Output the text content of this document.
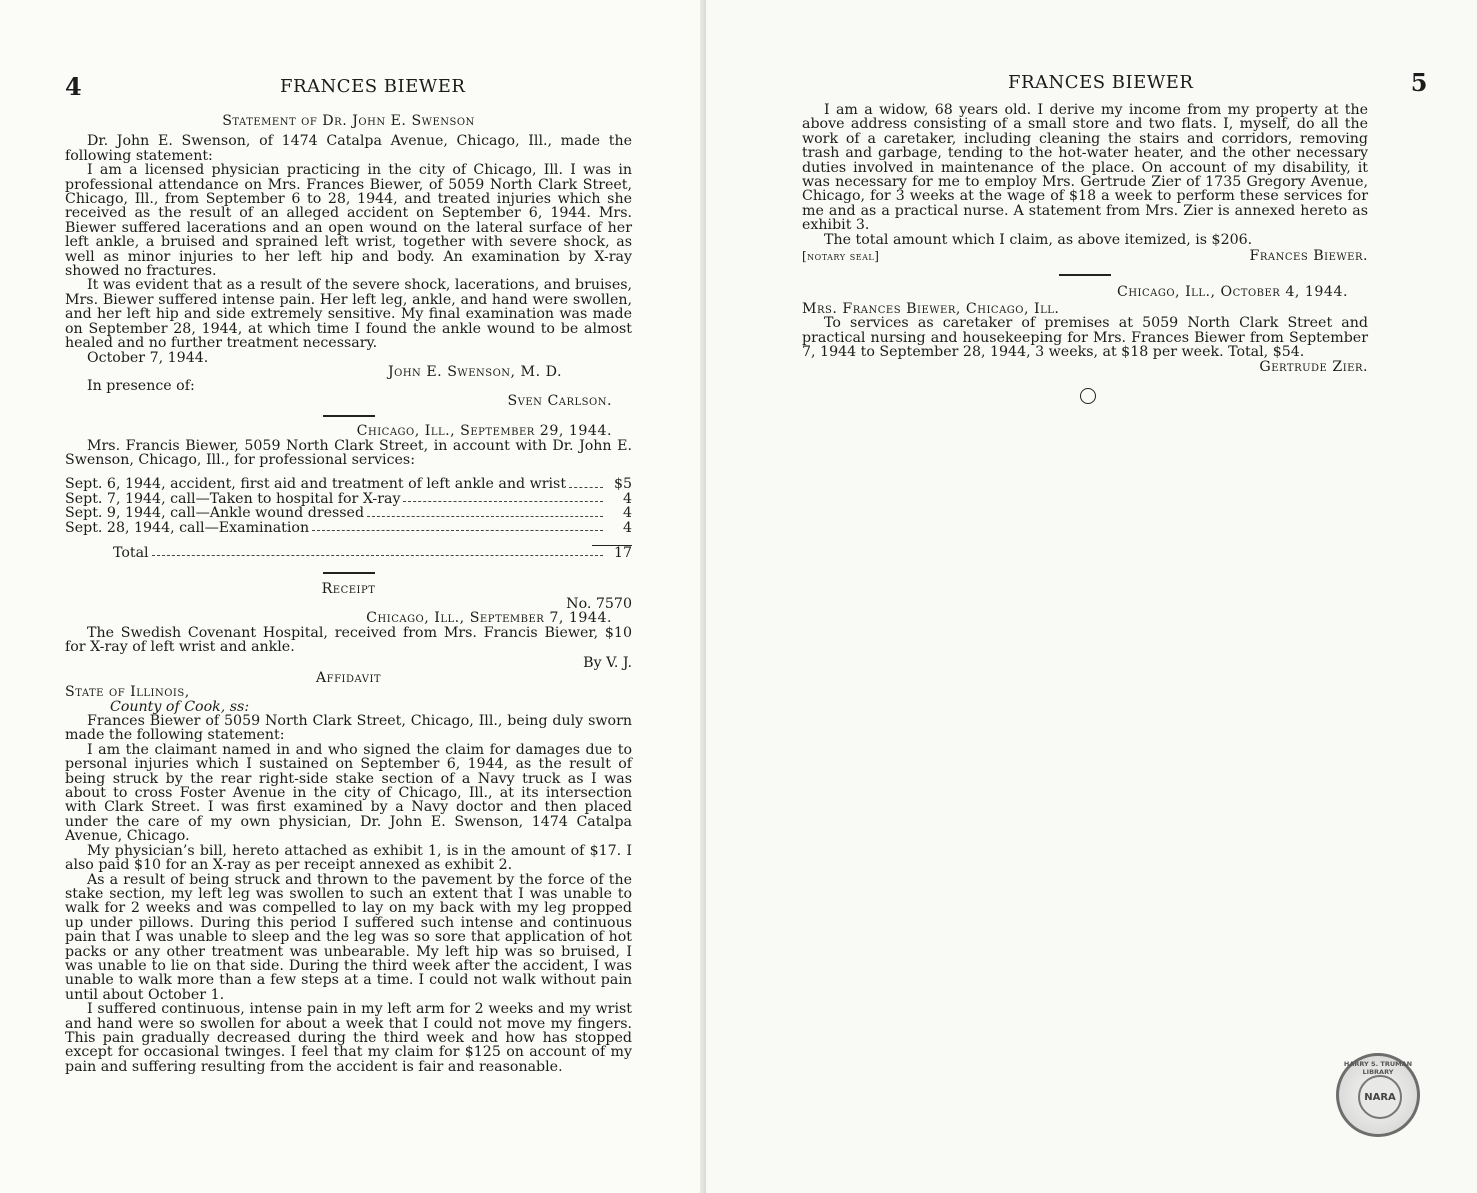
4	FRANCES BIEWER
Statement of Dr. John E. Swenson

Dr. John E. Swenson, of 1474 Catalpa Avenue, Chicago, Ill., made the following statement:

I am a licensed physician practicing in the city of Chicago, Ill. I was in professional attendance on Mrs. Frances Biewer, of 5059 North Clark Street, Chicago, Ill., from September 6 to 28, 1944, and treated injuries which she received as the result of an alleged accident on September 6, 1944. Mrs. Biewer suffered lacerations and an open wound on the lateral surface of her left ankle, a bruised and sprained left wrist, together with severe shock, as well as minor injuries to her left hip and body. An examination by X-ray showed no fractures.

It was evident that as a result of the severe shock, lacerations, and bruises, Mrs. Biewer suffered intense pain. Her left leg, ankle, and hand were swollen, and her left hip and side extremely sensitive. My final examination was made on September 28, 1944, at which time I found the ankle wound to be almost healed and no further treatment necessary.

October 7, 1944.

John E. Swenson, M. D.

In presence of:

Sven Carlson.
Chicago, Ill., September 29, 1944.

Mrs. Francis Biewer, 5059 North Clark Street, in account with Dr. John E. Swenson, Chicago, Ill., for professional services:

Sept. 6, 1944, accident, first aid and treatment of left ankle and wrist	$5
Sept. 7, 1944, call—Taken to hospital for X-ray	4
Sept. 9, 1944, call—Ankle wound dressed	4
Sept. 28, 1944, call—Examination	4
Total	17
Receipt
No. 7570
Chicago, Ill., September 7, 1944.

The Swedish Covenant Hospital, received from Mrs. Francis Biewer, $10 for X-ray of left wrist and ankle.

By V. J.
Affidavit
State of Illinois,
County of Cook, ss:

Frances Biewer of 5059 North Clark Street, Chicago, Ill., being duly sworn made the following statement:

I am the claimant named in and who signed the claim for damages due to personal injuries which I sustained on September 6, 1944, as the result of being struck by the rear right-side stake section of a Navy truck as I was about to cross Foster Avenue in the city of Chicago, Ill., at its intersection with Clark Street. I was first examined by a Navy doctor and then placed under the care of my own physician, Dr. John E. Swenson, 1474 Catalpa Avenue, Chicago.

My physician’s bill, hereto attached as exhibit 1, is in the amount of $17. I also paid $10 for an X-ray as per receipt annexed as exhibit 2.

As a result of being struck and thrown to the pavement by the force of the stake section, my left leg was swollen to such an extent that I was unable to walk for 2 weeks and was compelled to lay on my back with my leg propped up under pillows. During this period I suffered such intense and continuous pain that I was unable to sleep and the leg was so sore that application of hot packs or any other treatment was unbearable. My left hip was so bruised, I was unable to lie on that side. During the third week after the accident, I was unable to walk more than a few steps at a time. I could not walk without pain until about October 1.

I suffered continuous, intense pain in my left arm for 2 weeks and my wrist and hand were so swollen for about a week that I could not move my fingers. This pain gradually decreased during the third week and how has stopped except for occasional twinges. I feel that my claim for $125 on account of my pain and suffering resulting from the accident is fair and reasonable.

FRANCES BIEWER	5

I am a widow, 68 years old. I derive my income from my property at the above address consisting of a small store and two flats. I, myself, do all the work of a caretaker, including cleaning the stairs and corridors, removing trash and garbage, tending to the hot-water heater, and the other necessary duties involved in maintenance of the place. On account of my disability, it was necessary for me to employ Mrs. Gertrude Zier of 1735 Gregory Avenue, Chicago, for 3 weeks at the wage of $18 a week to perform these services for me and as a practical nurse. A statement from Mrs. Zier is annexed hereto as exhibit 3.

The total amount which I claim, as above itemized, is $206.

[notary seal]	Frances Biewer.
Chicago, Ill., October 4, 1944.
Mrs. Frances Biewer, Chicago, Ill.

To services as caretaker of premises at 5059 North Clark Street and practical nursing and housekeeping for Mrs. Frances Biewer from September 7, 1944 to September 28, 1944, 3 weeks, at $18 per week. Total, $54.

Gertrude Zier.
HARRY S. TRUMAN LIBRARY
NARA
